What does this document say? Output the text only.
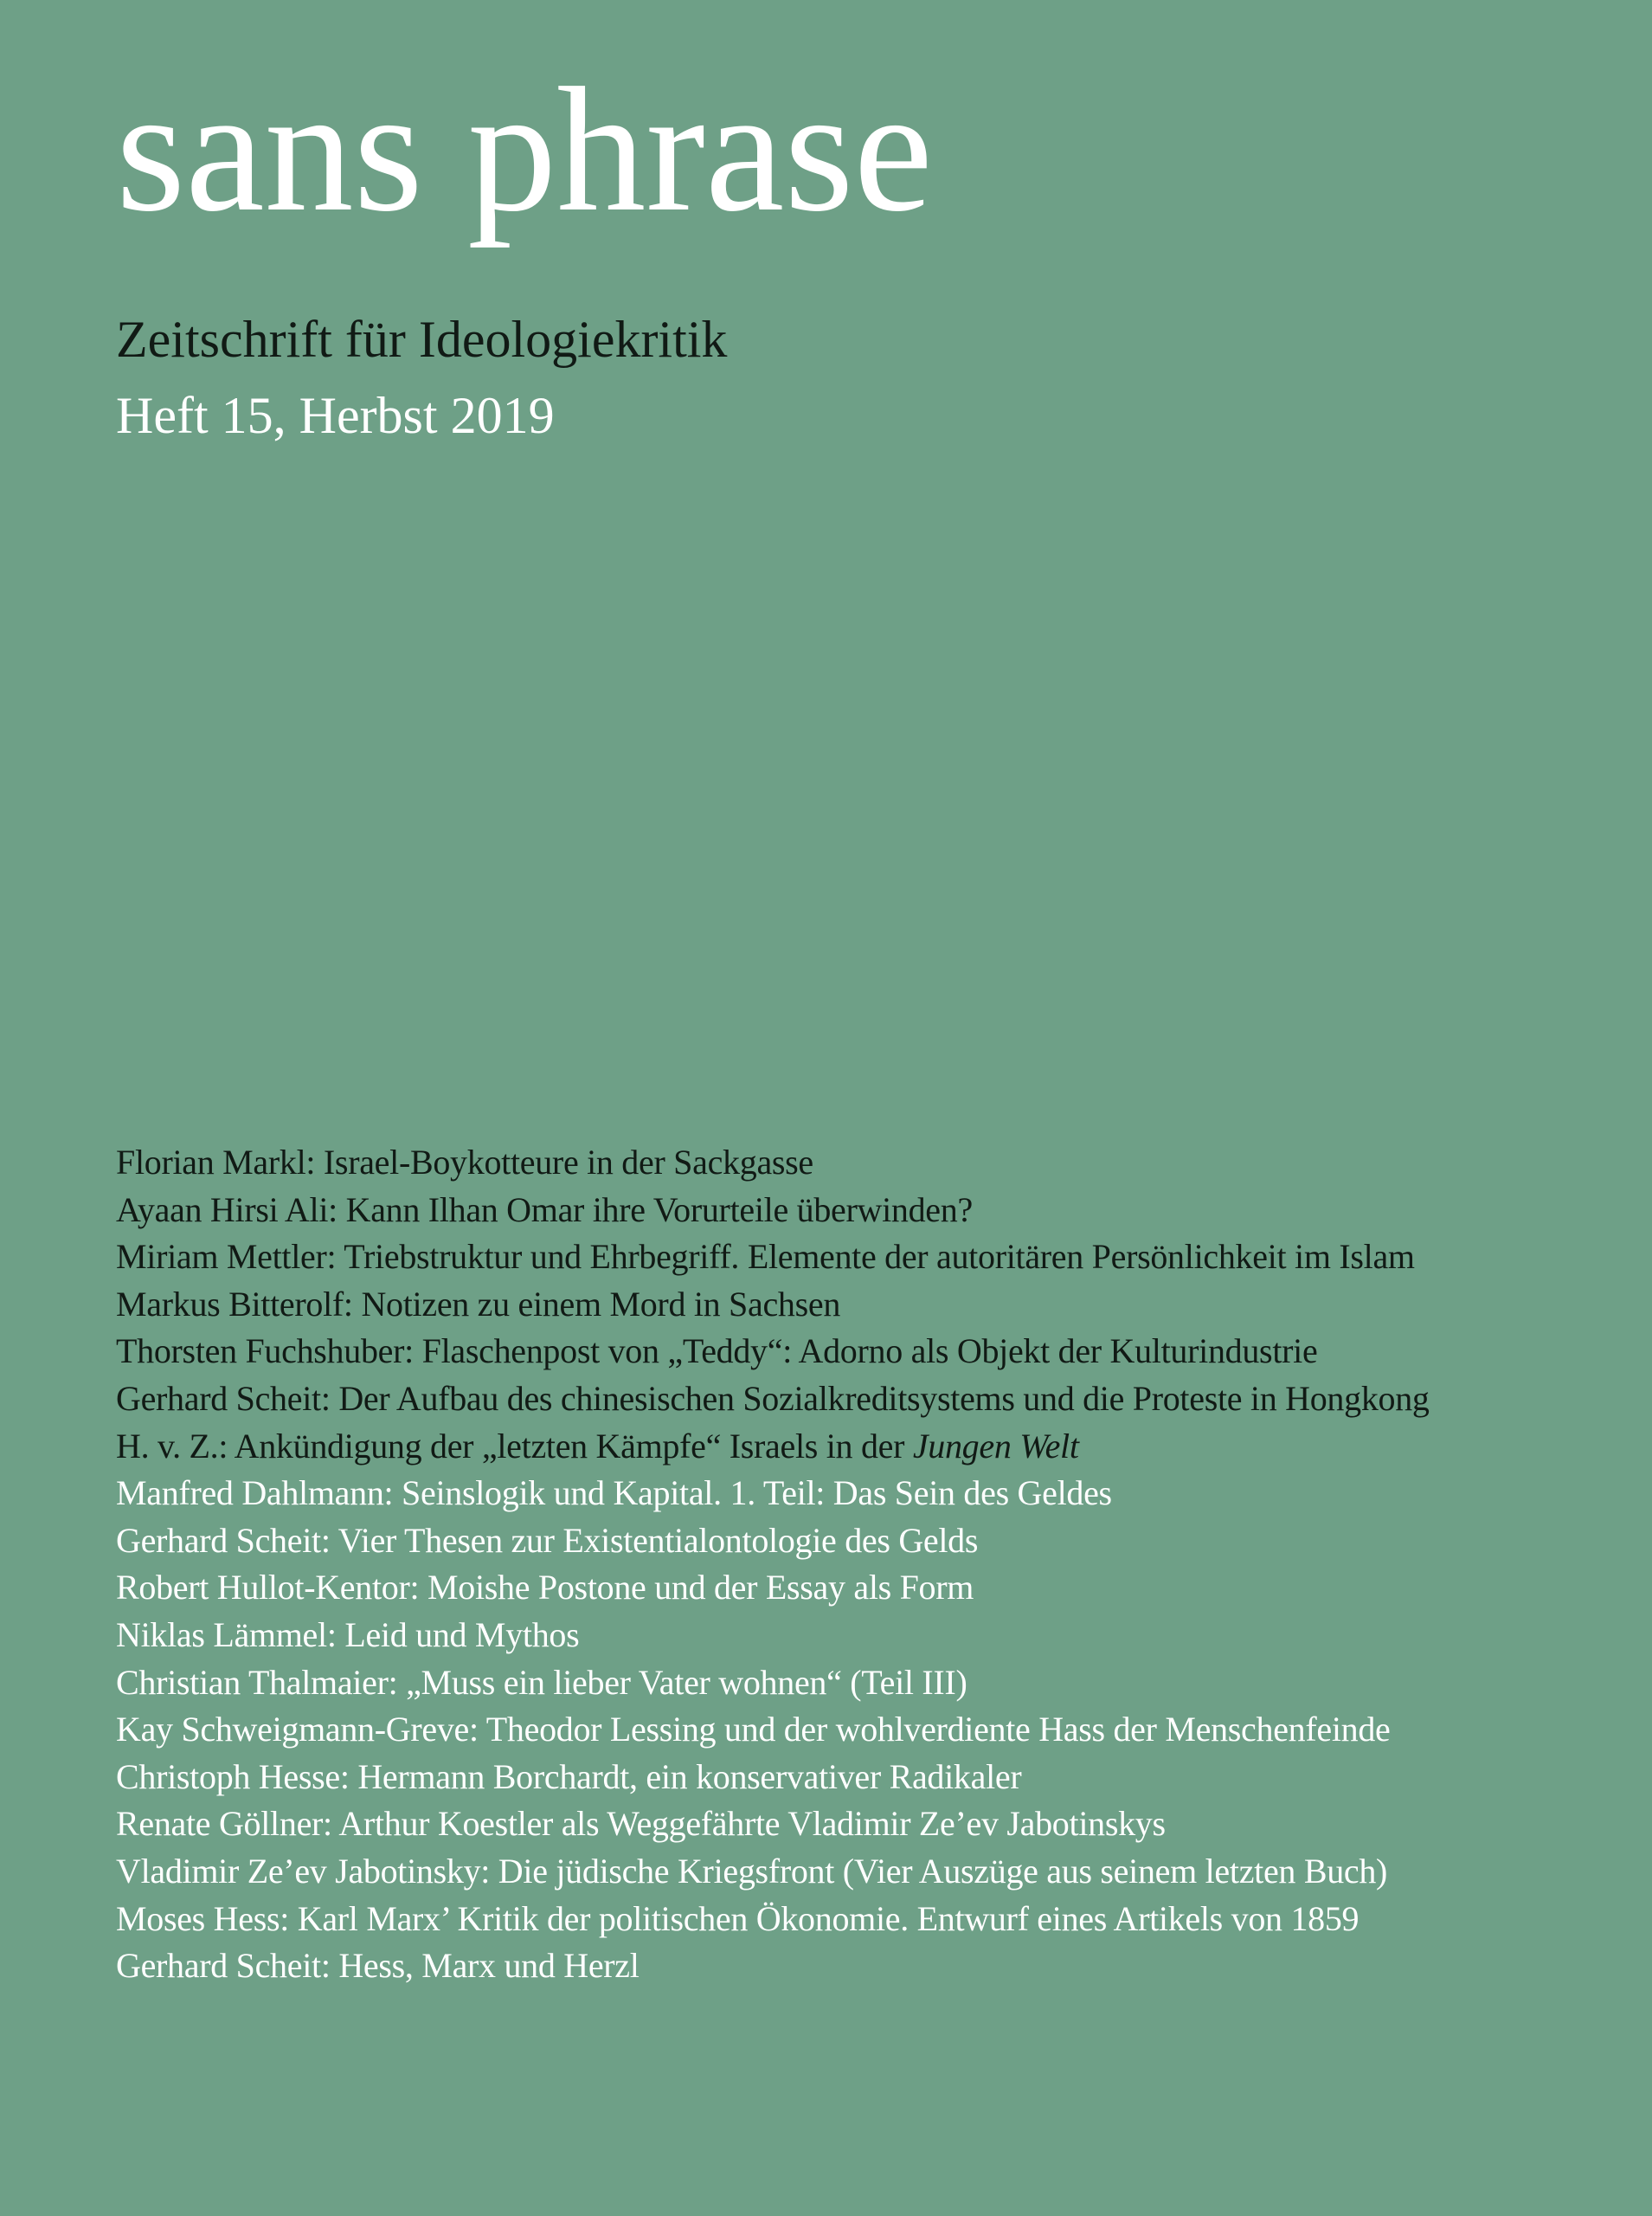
sans phrase
Zeitschrift für Ideologiekritik
Heft 15, Herbst 2019
Florian Markl: Israel-Boykotteure in der Sackgasse
Ayaan Hirsi Ali: Kann Ilhan Omar ihre Vorurteile überwinden?
Miriam Mettler: Triebstruktur und Ehrbegriff. Elemente der autoritären Persönlichkeit im Islam
Markus Bitterolf: Notizen zu einem Mord in Sachsen
Thorsten Fuchshuber: Flaschenpost von „Teddy“: Adorno als Objekt der Kulturindustrie
Gerhard Scheit: Der Aufbau des chinesischen Sozialkreditsystems und die Proteste in Hongkong
H. v. Z.: Ankündigung der „letzten Kämpfe“ Israels in der Jungen Welt
Manfred Dahlmann: Seinslogik und Kapital. 1. Teil: Das Sein des Geldes
Gerhard Scheit: Vier Thesen zur Existentialontologie des Gelds
Robert Hullot-Kentor: Moishe Postone und der Essay als Form
Niklas Lämmel: Leid und Mythos
Christian Thalmaier: „Muss ein lieber Vater wohnen“ (Teil III)
Kay Schweigmann-Greve: Theodor Lessing und der wohlverdiente Hass der Menschenfeinde
Christoph Hesse: Hermann Borchardt, ein konservativer Radikaler
Renate Göllner: Arthur Koestler als Weggefährte Vladimir Ze’ev Jabotinskys
Vladimir Ze’ev Jabotinsky: Die jüdische Kriegsfront (Vier Auszüge aus seinem letzten Buch)
Moses Hess: Karl Marx’ Kritik der politischen Ökonomie. Entwurf eines Artikels von 1859
Gerhard Scheit: Hess, Marx und Herzl
